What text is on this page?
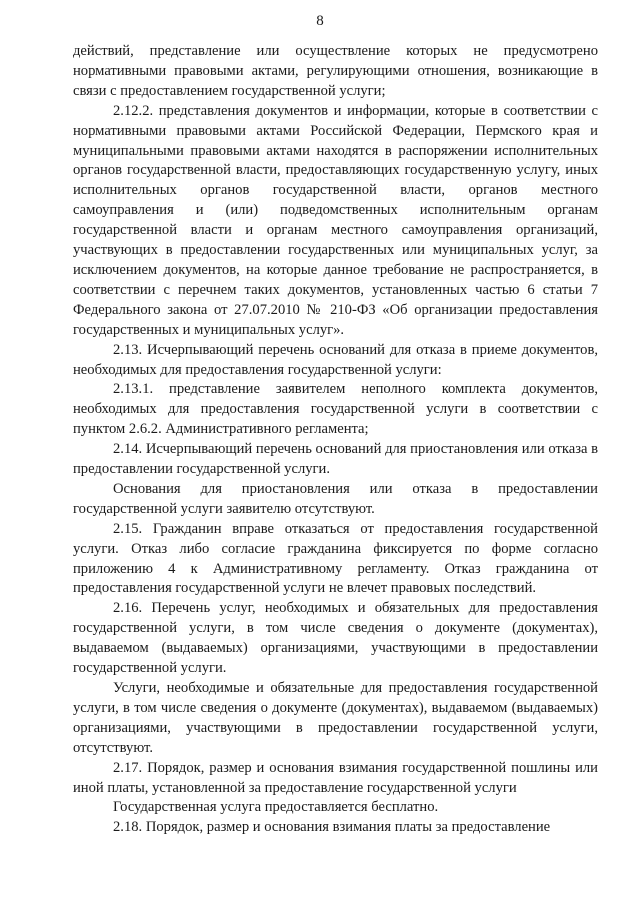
8

действий, представление или осуществление которых не предусмотрено нормативными правовыми актами, регулирующими отношения, возникающие в связи с предоставлением государственной услуги;

2.12.2. представления документов и информации, которые в соответствии с нормативными правовыми актами Российской Федерации, Пермского края и муниципальными правовыми актами находятся в распоряжении исполнительных органов государственной власти, предоставляющих государственную услугу, иных исполнительных органов государственной власти, органов местного самоуправления и (или) подведомственных исполнительным органам государственной власти и органам местного самоуправления организаций, участвующих в предоставлении государственных или муниципальных услуг, за исключением документов, на которые данное требование не распространяется, в соответствии с перечнем таких документов, установленных частью 6 статьи 7 Федерального закона от 27.07.2010 № 210-ФЗ «Об организации предоставления государственных и муниципальных услуг».

2.13. Исчерпывающий перечень оснований для отказа в приеме документов, необходимых для предоставления государственной услуги:

2.13.1. представление заявителем неполного комплекта документов, необходимых для предоставления государственной услуги в соответствии с пунктом 2.6.2. Административного регламента;

2.14. Исчерпывающий перечень оснований для приостановления или отказа в предоставлении государственной услуги.

Основания для приостановления или отказа в предоставлении государственной услуги заявителю отсутствуют.

2.15. Гражданин вправе отказаться от предоставления государственной услуги. Отказ либо согласие гражданина фиксируется по форме согласно приложению 4 к Административному регламенту. Отказ гражданина от предоставления государственной услуги не влечет правовых последствий.

2.16. Перечень услуг, необходимых и обязательных для предоставления государственной услуги, в том числе сведения о документе (документах), выдаваемом (выдаваемых) организациями, участвующими в предоставлении государственной услуги.

Услуги, необходимые и обязательные для предоставления государственной услуги, в том числе сведения о документе (документах), выдаваемом (выдаваемых) организациями, участвующими в предоставлении государственной услуги, отсутствуют.

2.17. Порядок, размер и основания взимания государственной пошлины или иной платы, установленной за предоставление государственной услуги

Государственная услуга предоставляется бесплатно.

2.18. Порядок, размер и основания взимания платы за предоставление
